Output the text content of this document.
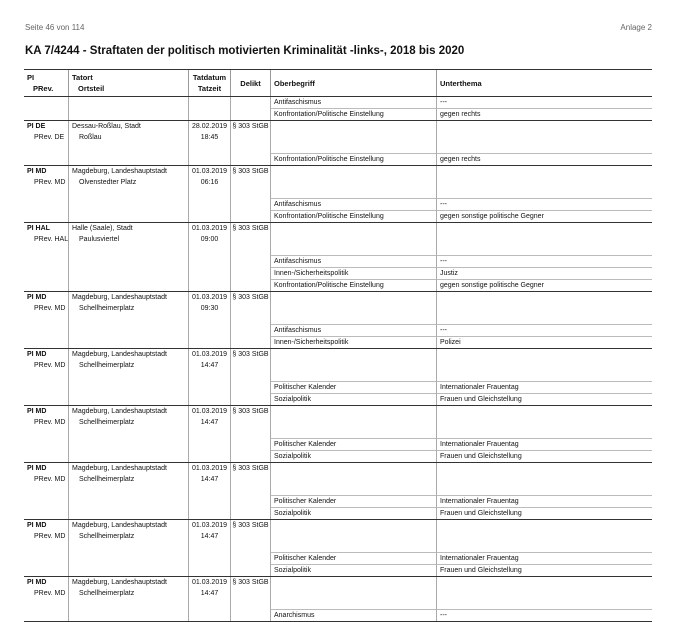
Seite 46 von 114	Anlage 2
KA 7/4244 - Straftaten der politisch motivierten Kriminalität -links-, 2018 bis 2020
PI
PRev.
Tatort
Ortsteil
Tatdatum
Tatzeit
Delikt	Oberbegriff	Unterthema
Antifaschismus	---
Konfrontation/Politische Einstellung	gegen rechts
PI DE	Dessau-Roßlau, Stadt	28.02.2019 § 303 StGB
PRev. DE	Roßlau	18:45
Konfrontation/Politische Einstellung	gegen rechts
PI MD	Magdeburg, Landeshauptstadt	01.03.2019 § 303 StGB
PRev. MD	Olvenstedter Platz	06:16
Antifaschismus	---
Konfrontation/Politische Einstellung	gegen sonstige politische Gegner
PI HAL	Halle (Saale), Stadt	01.03.2019 § 303 StGB
PRev. HAL	Paulusviertel	09:00
Antifaschismus	---
Innen-/Sicherheitspolitik	Justiz
Konfrontation/Politische Einstellung	gegen sonstige politische Gegner
PI MD	Magdeburg, Landeshauptstadt	01.03.2019 § 303 StGB
PRev. MD	Schellheimerplatz	09:30
Antifaschismus	---
Innen-/Sicherheitspolitik	Polizei
PI MD	Magdeburg, Landeshauptstadt	01.03.2019 § 303 StGB
PRev. MD	Schellheimerplatz	14:47
Politischer Kalender	Internationaler Frauentag
Sozialpolitik	Frauen und Gleichstellung
PI MD	Magdeburg, Landeshauptstadt	01.03.2019 § 303 StGB
PRev. MD	Schellheimerplatz	14:47
Politischer Kalender	Internationaler Frauentag
Sozialpolitik	Frauen und Gleichstellung
PI MD	Magdeburg, Landeshauptstadt	01.03.2019 § 303 StGB
PRev. MD	Schellheimerplatz	14:47
Politischer Kalender	Internationaler Frauentag
Sozialpolitik	Frauen und Gleichstellung
PI MD	Magdeburg, Landeshauptstadt	01.03.2019 § 303 StGB
PRev. MD	Schellheimerplatz	14:47
Politischer Kalender	Internationaler Frauentag
Sozialpolitik	Frauen und Gleichstellung
PI MD	Magdeburg, Landeshauptstadt	01.03.2019 § 303 StGB
PRev. MD	Schellheimerplatz	14:47
Anarchismus	---
